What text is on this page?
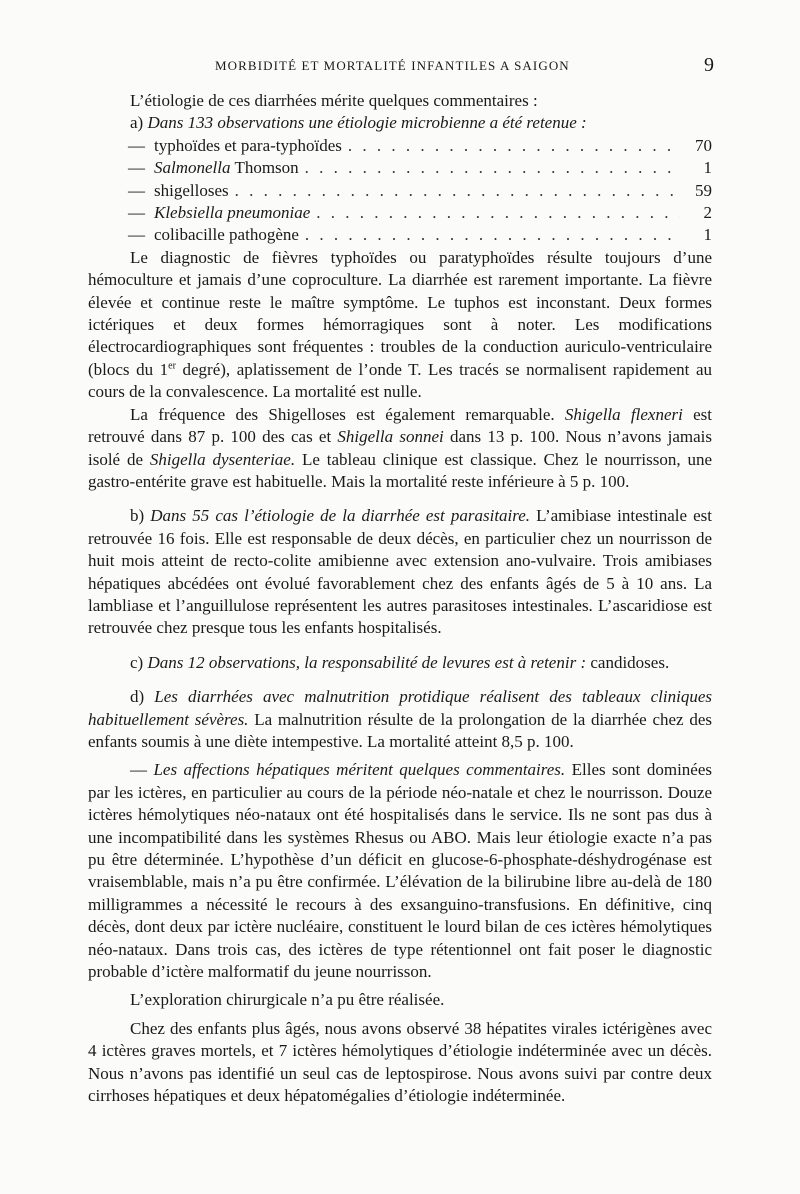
MORBIDITÉ ET MORTALITÉ INFANTILES A SAIGON	9

L’étiologie de ces diarrhées mérite quelques commentaires :

a) Dans 133 observations une étiologie microbienne a été retenue :

— typhoïdes et para-typhoïdes . . .	70
— Salmonella Thomson . . .	1
— shigelloses . . .	59
— Klebsiella pneumoniae . . .	2
— colibacille pathogène . . .	1

Le diagnostic de fièvres typhoïdes ou paratyphoïdes résulte toujours d’une hémoculture et jamais d’une coproculture. La diarrhée est rarement importante. La fièvre élevée et continue reste le maître symptôme. Le tuphos est inconstant. Deux formes ictériques et deux formes hémorragiques sont à noter. Les modifications électrocardiographiques sont fréquentes : troubles de la conduction auriculo-ventriculaire (blocs du 1er degré), aplatissement de l’onde T. Les tracés se normalisent rapidement au cours de la convalescence. La mortalité est nulle.

La fréquence des Shigelloses est également remarquable. Shigella flexneri est retrouvé dans 87 p. 100 des cas et Shigella sonnei dans 13 p. 100. Nous n’avons jamais isolé de Shigella dysenteriae. Le tableau clinique est classique. Chez le nourrisson, une gastro-entérite grave est habituelle. Mais la mortalité reste inférieure à 5 p. 100.

b) Dans 55 cas l’étiologie de la diarrhée est parasitaire. L’amibiase intestinale est retrouvée 16 fois. Elle est responsable de deux décès, en particulier chez un nourrisson de huit mois atteint de recto-colite amibienne avec extension ano-vulvaire. Trois amibiases hépatiques abcédées ont évolué favorablement chez des enfants âgés de 5 à 10 ans. La lambliase et l’anguillulose représentent les autres parasitoses intestinales. L’ascaridiose est retrouvée chez presque tous les enfants hospitalisés.

c) Dans 12 observations, la responsabilité de levures est à retenir : candidoses.

d) Les diarrhées avec malnutrition protidique réalisent des tableaux cliniques habituellement sévères. La malnutrition résulte de la prolongation de la diarrhée chez des enfants soumis à une diète intempestive. La mortalité atteint 8,5 p. 100.

— Les affections hépatiques méritent quelques commentaires. Elles sont dominées par les ictères, en particulier au cours de la période néo-natale et chez le nourrisson. Douze ictères hémolytiques néo-nataux ont été hospitalisés dans le service. Ils ne sont pas dus à une incompatibilité dans les systèmes Rhesus ou ABO. Mais leur étiologie exacte n’a pas pu être déterminée. L’hypothèse d’un déficit en glucose-6-phosphate-déshydrogénase est vraisemblable, mais n’a pu être confirmée. L’élévation de la bilirubine libre au-delà de 180 milligrammes a nécessité le recours à des exsanguino-transfusions. En définitive, cinq décès, dont deux par ictère nucléaire, constituent le lourd bilan de ces ictères hémolytiques néo-nataux. Dans trois cas, des ictères de type rétentionnel ont fait poser le diagnostic probable d’ictère malformatif du jeune nourrisson.

L’exploration chirurgicale n’a pu être réalisée.

Chez des enfants plus âgés, nous avons observé 38 hépatites virales ictérigènes avec 4 ictères graves mortels, et 7 ictères hémolytiques d’étiologie indéterminée avec un décès. Nous n’avons pas identifié un seul cas de leptospirose. Nous avons suivi par contre deux cirrhoses hépatiques et deux hépatomégalies d’étiologie indéterminée.
